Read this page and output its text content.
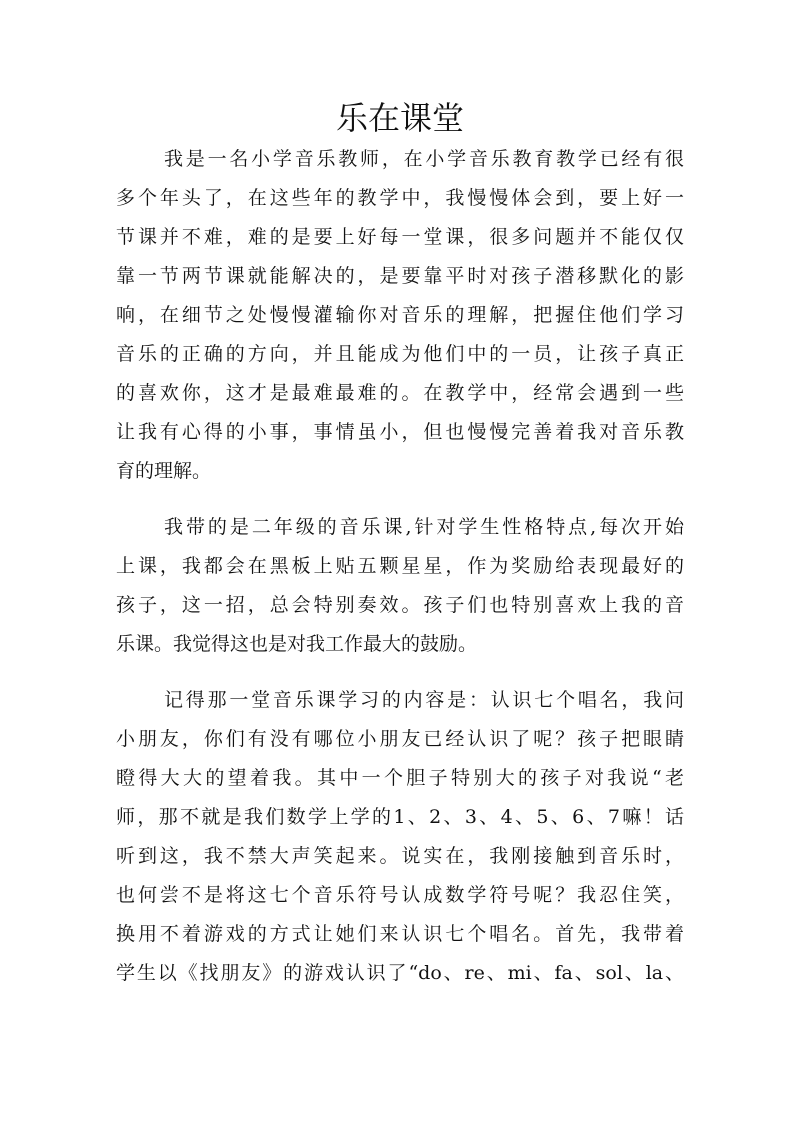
乐在课堂
我是一名小学音乐教师，在小学音乐教育教学已经有很
多个年头了，在这些年的教学中，我慢慢体会到，要上好一
节课并不难，难的是要上好每一堂课，很多问题并不能仅仅
靠一节两节课就能解决的，是要靠平时对孩子潜移默化的影
响，在细节之处慢慢灌输你对音乐的理解，把握住他们学习
音乐的正确的方向，并且能成为他们中的一员，让孩子真正
的喜欢你，这才是最难最难的。在教学中，经常会遇到一些
让我有心得的小事，事情虽小，但也慢慢完善着我对音乐教
育的理解。
我带的是二年级的音乐课,针对学生性格特点,每次开始
上课，我都会在黑板上贴五颗星星，作为奖励给表现最好的
孩子，这一招，总会特别奏效。孩子们也特别喜欢上我的音
乐课。我觉得这也是对我工作最大的鼓励。
记得那一堂音乐课学习的内容是：认识七个唱名，我问
小朋友，你们有没有哪位小朋友已经认识了呢？孩子把眼睛
瞪得大大的望着我。其中一个胆子特别大的孩子对我说“老
师，那不就是我们数学上学的1、2、3、4、5、6、7嘛！话
听到这，我不禁大声笑起来。说实在，我刚接触到音乐时，
也何尝不是将这七个音乐符号认成数学符号呢？我忍住笑，
换用不着游戏的方式让她们来认识七个唱名。首先，我带着
学生以《找朋友》的游戏认识了“do、re、mi、fa、sol、la、
